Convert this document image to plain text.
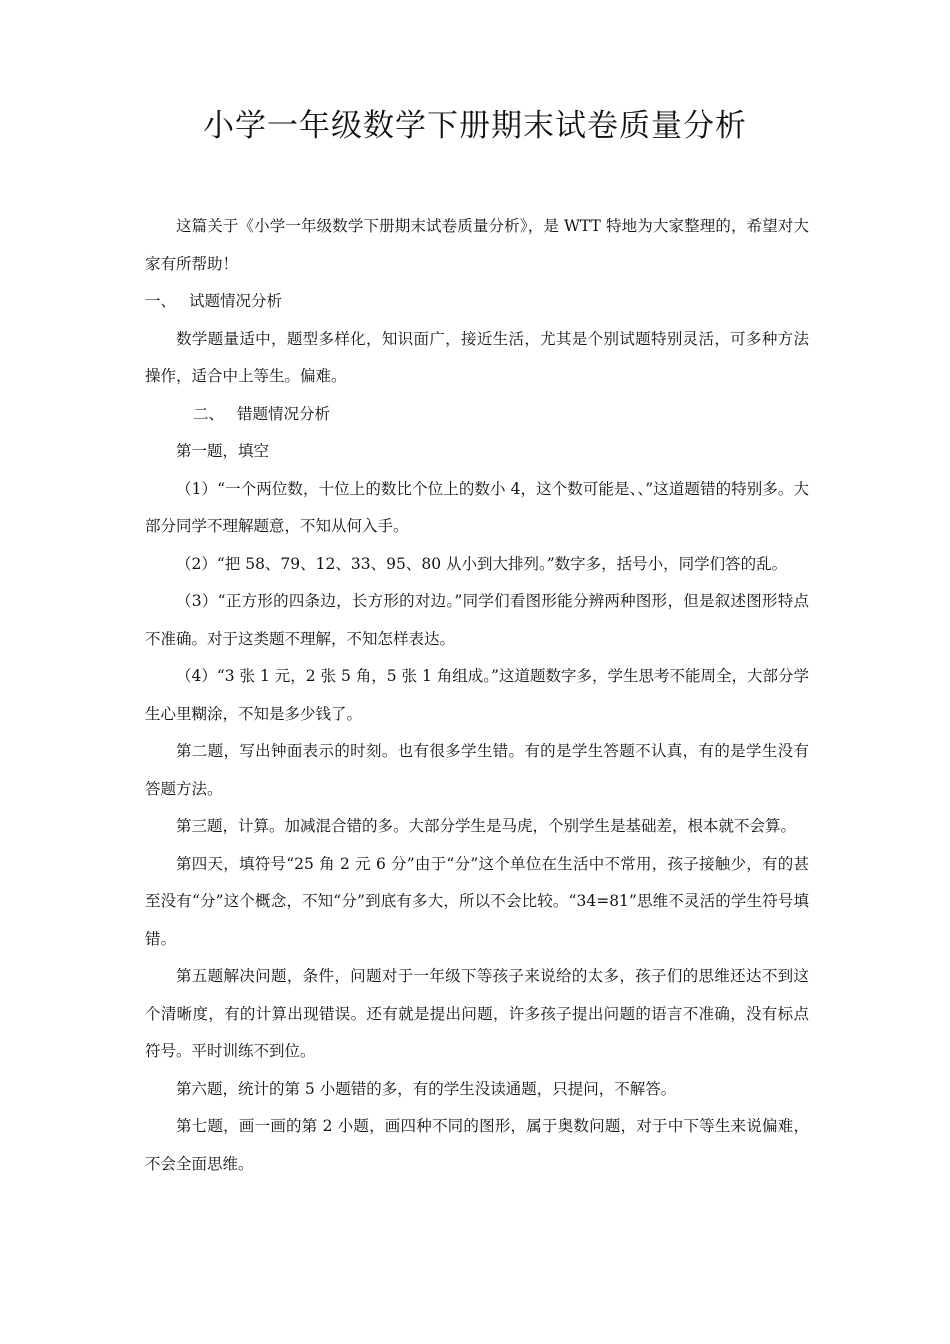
小学一年级数学下册期末试卷质量分析

这篇关于《小学一年级数学下册期末试卷质量分析》，是 WTT 特地为大家整理的，希望对大家有所帮助！

一、 试题情况分析

数学题量适中，题型多样化，知识面广，接近生活，尤其是个别试题特别灵活，可多种方法操作，适合中上等生。偏难。

二、 错题情况分析

第一题，填空

（1）“一个两位数，十位上的数比个位上的数小 4，这个数可能是、、”这道题错的特别多。大部分同学不理解题意，不知从何入手。

（2）“把 58、79、12、33、95、80 从小到大排列。”数字多，括号小，同学们答的乱。

（3）“正方形的四条边，长方形的对边。”同学们看图形能分辨两种图形，但是叙述图形特点不准确。对于这类题不理解，不知怎样表达。

（4）“3 张 1 元，2 张 5 角，5 张 1 角组成。”这道题数字多，学生思考不能周全，大部分学生心里糊涂，不知是多少钱了。

第二题，写出钟面表示的时刻。也有很多学生错。有的是学生答题不认真，有的是学生没有答题方法。

第三题，计算。加减混合错的多。大部分学生是马虎，个别学生是基础差，根本就不会算。

第四天，填符号“25 角 2 元 6 分”由于“分”这个单位在生活中不常用，孩子接触少，有的甚至没有“分”这个概念，不知“分”到底有多大，所以不会比较。“34=81”思维不灵活的学生符号填错。

第五题解决问题，条件，问题对于一年级下等孩子来说给的太多，孩子们的思维还达不到这个清晰度，有的计算出现错误。还有就是提出问题，许多孩子提出问题的语言不准确，没有标点符号。平时训练不到位。

第六题，统计的第 5 小题错的多，有的学生没读通题，只提问，不解答。

第七题，画一画的第 2 小题，画四种不同的图形，属于奥数问题，对于中下等生来说偏难，不会全面思维。
